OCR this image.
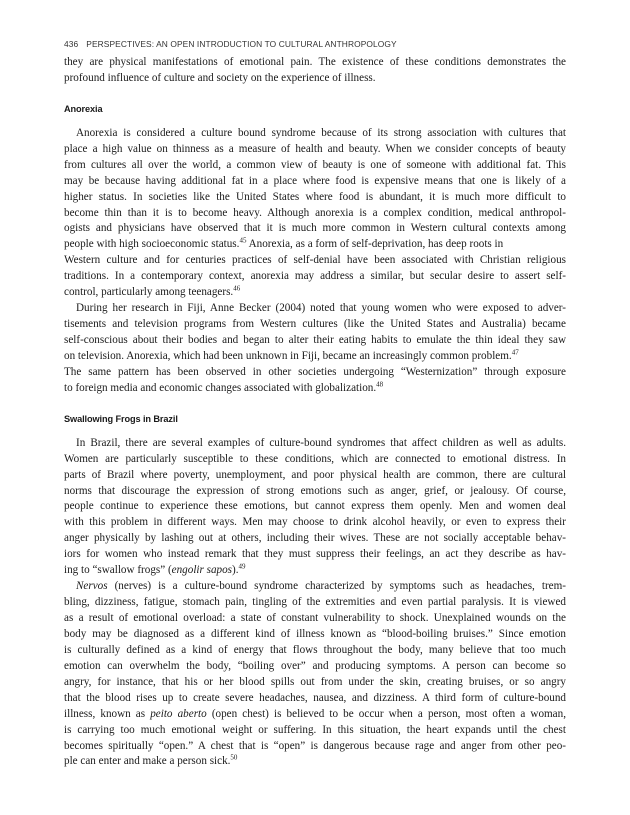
436 PERSPECTIVES: AN OPEN INTRODUCTION TO CULTURAL ANTHROPOLOGY
they are physical manifestations of emotional pain. The existence of these conditions demonstrates the
profound influence of culture and society on the experience of illness.
Anorexia
Anorexia is considered a culture bound syndrome because of its strong association with cultures that
place a high value on thinness as a measure of health and beauty. When we consider concepts of beauty
from cultures all over the world, a common view of beauty is one of someone with additional fat. This
may be because having additional fat in a place where food is expensive means that one is likely of a
higher status. In societies like the United States where food is abundant, it is much more difficult to
become thin than it is to become heavy. Although anorexia is a complex condition, medical anthropol-
ogists and physicians have observed that it is much more common in Western cultural contexts among
people with high socioeconomic status.$^{45}$ Anorexia, as a form of self-deprivation, has deep roots in
Western culture and for centuries practices of self-denial have been associated with Christian religious
traditions. In a contemporary context, anorexia may address a similar, but secular desire to assert self-
control, particularly among teenagers.$^{46}$
During her research in Fiji, Anne Becker (2004) noted that young women who were exposed to adver-
tisements and television programs from Western cultures (like the United States and Australia) became
self-conscious about their bodies and began to alter their eating habits to emulate the thin ideal they saw
on television. Anorexia, which had been unknown in Fiji, became an increasingly common problem.$^{47}$
The same pattern has been observed in other societies undergoing “Westernization” through exposure
to foreign media and economic changes associated with globalization.$^{48}$
Swallowing Frogs in Brazil
In Brazil, there are several examples of culture-bound syndromes that affect children as well as adults.
Women are particularly susceptible to these conditions, which are connected to emotional distress. In
parts of Brazil where poverty, unemployment, and poor physical health are common, there are cultural
norms that discourage the expression of strong emotions such as anger, grief, or jealousy. Of course,
people continue to experience these emotions, but cannot express them openly. Men and women deal
with this problem in different ways. Men may choose to drink alcohol heavily, or even to express their
anger physically by lashing out at others, including their wives. These are not socially acceptable behav-
iors for women who instead remark that they must suppress their feelings, an act they describe as hav-
ing to “swallow frogs” (engolir sapos).$^{49}$
Nervos (nerves) is a culture-bound syndrome characterized by symptoms such as headaches, trem-
bling, dizziness, fatigue, stomach pain, tingling of the extremities and even partial paralysis. It is viewed
as a result of emotional overload: a state of constant vulnerability to shock. Unexplained wounds on the
body may be diagnosed as a different kind of illness known as “blood-boiling bruises.” Since emotion
is culturally defined as a kind of energy that flows throughout the body, many believe that too much
emotion can overwhelm the body, “boiling over” and producing symptoms. A person can become so
angry, for instance, that his or her blood spills out from under the skin, creating bruises, or so angry
that the blood rises up to create severe headaches, nausea, and dizziness. A third form of culture-bound
illness, known as peito aberto (open chest) is believed to be occur when a person, most often a woman,
is carrying too much emotional weight or suffering. In this situation, the heart expands until the chest
becomes spiritually “open.” A chest that is “open” is dangerous because rage and anger from other peo-
ple can enter and make a person sick.$^{50}$
